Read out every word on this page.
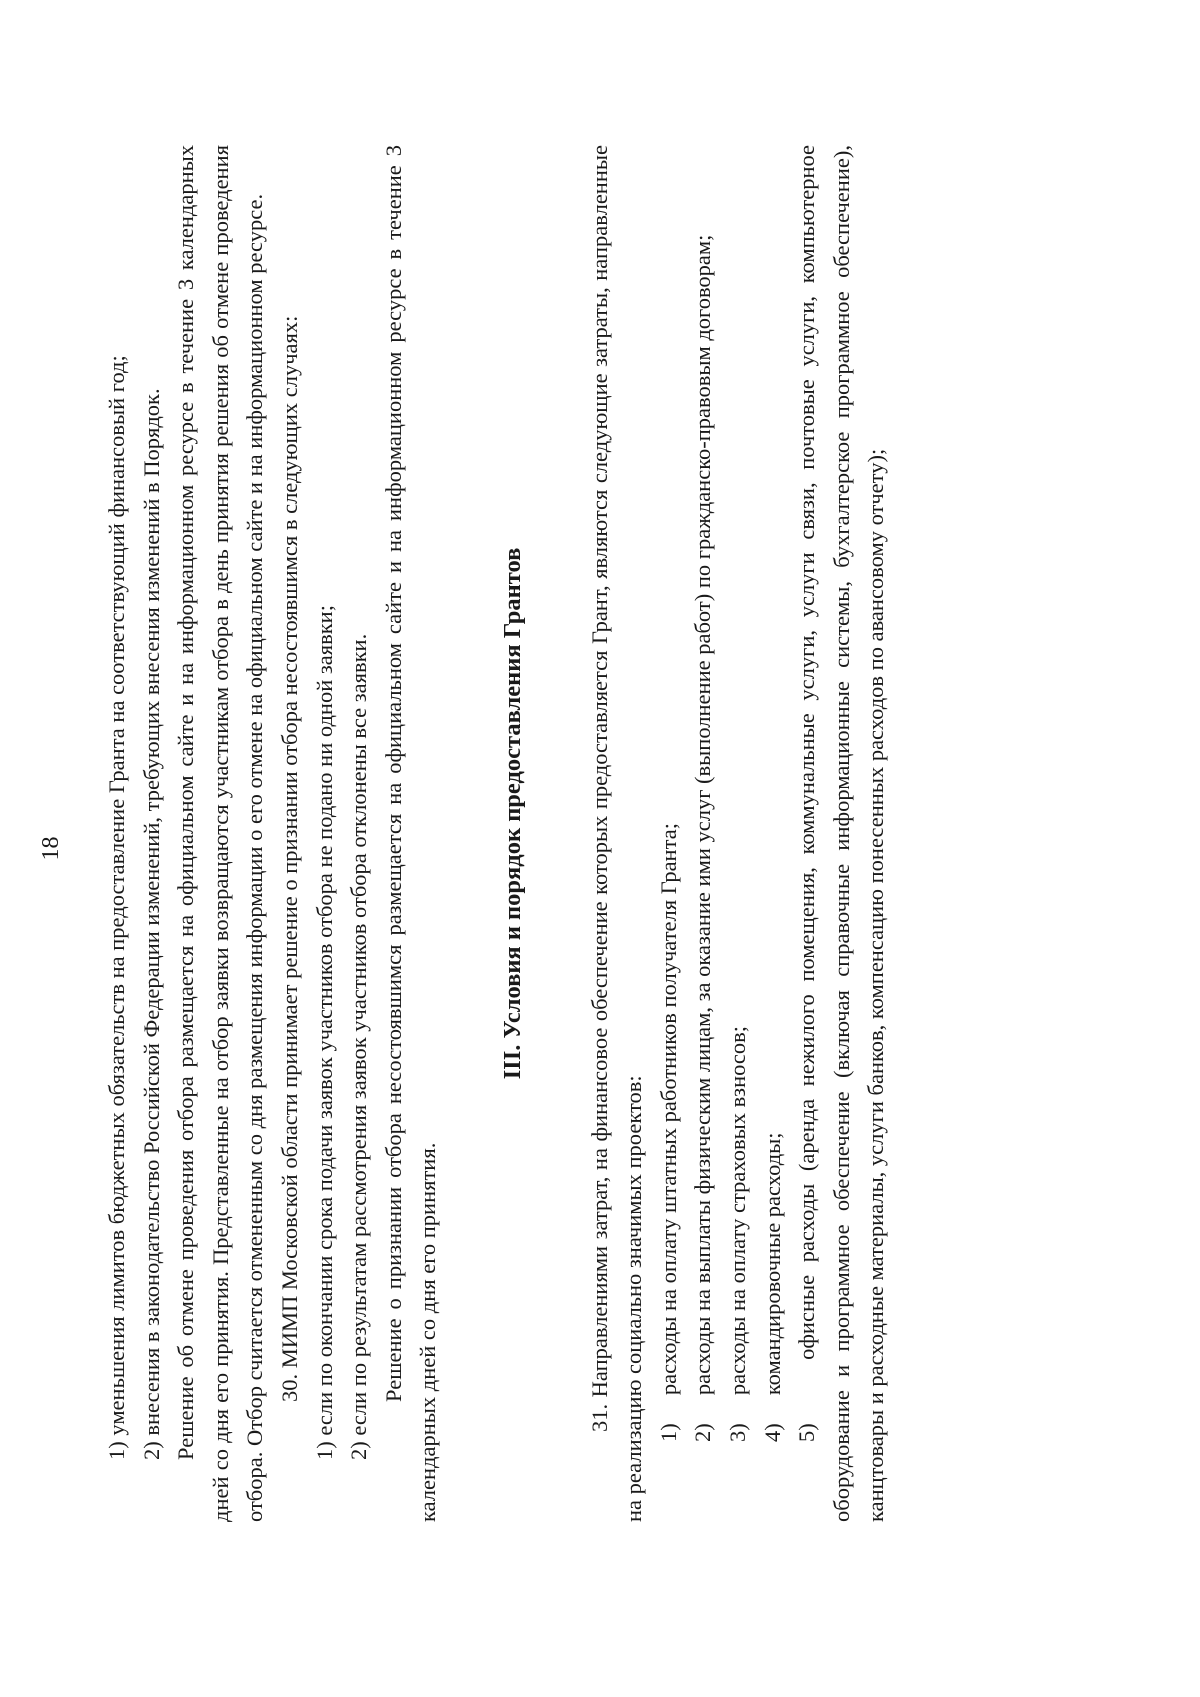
18 1) уменьшения лимитов бюджетных обязательств на предоставление Гранта на соответствующий финансовый год; 2) внесения в законодательство Российской Федерации изменений, требующих внесения изменений в Порядок. Решение об отмене проведения отбора размещается на официальном сайте и на информационном ресурсе в течение 3 календарных дней со дня его принятия. Представленные на отбор заявки возвращаются участникам отбора в день принятия решения об отмене проведения отбора. Отбор считается отмененным со дня размещения информации о его отмене на официальном сайте и на информационном ресурсе. 30. МИМП Московской области принимает решение о признании отбора несостоявшимся в следующих случаях: 1) если по окончании срока подачи заявок участников отбора не подано ни одной заявки; 2) если по результатам рассмотрения заявок участников отбора отклонены все заявки. Решение о признании отбора несостоявшимся размещается на официальном сайте и на информационном ресурсе в течение 3 календарных дней со дня его принятия.

III. Условия и порядок предоставления Грантов	31. Направлениями затрат, на финансовое обеспечение которых предоставляется Грант, являются следующие затраты, направленные на реализацию социально значимых проектов: 1)     расходы на оплату штатных работников получателя Гранта;

2)     расходы на выплаты физическим лицам, за оказание ими услуг (выполнение работ) по гражданско-правовым договорам;

3)     расходы на оплату страховых взносов;

4)     командировочные расходы;

5)     офисные расходы (аренда нежилого помещения, коммунальные услуги, услуги связи, почтовые услуги, компьютерное оборудование и программное обеспечение (включая справочные информационные системы, бухгалтерское программное обеспечение), канцтовары и расходные материалы, услуги банков, компенсацию понесенных расходов по авансовому отчету);
